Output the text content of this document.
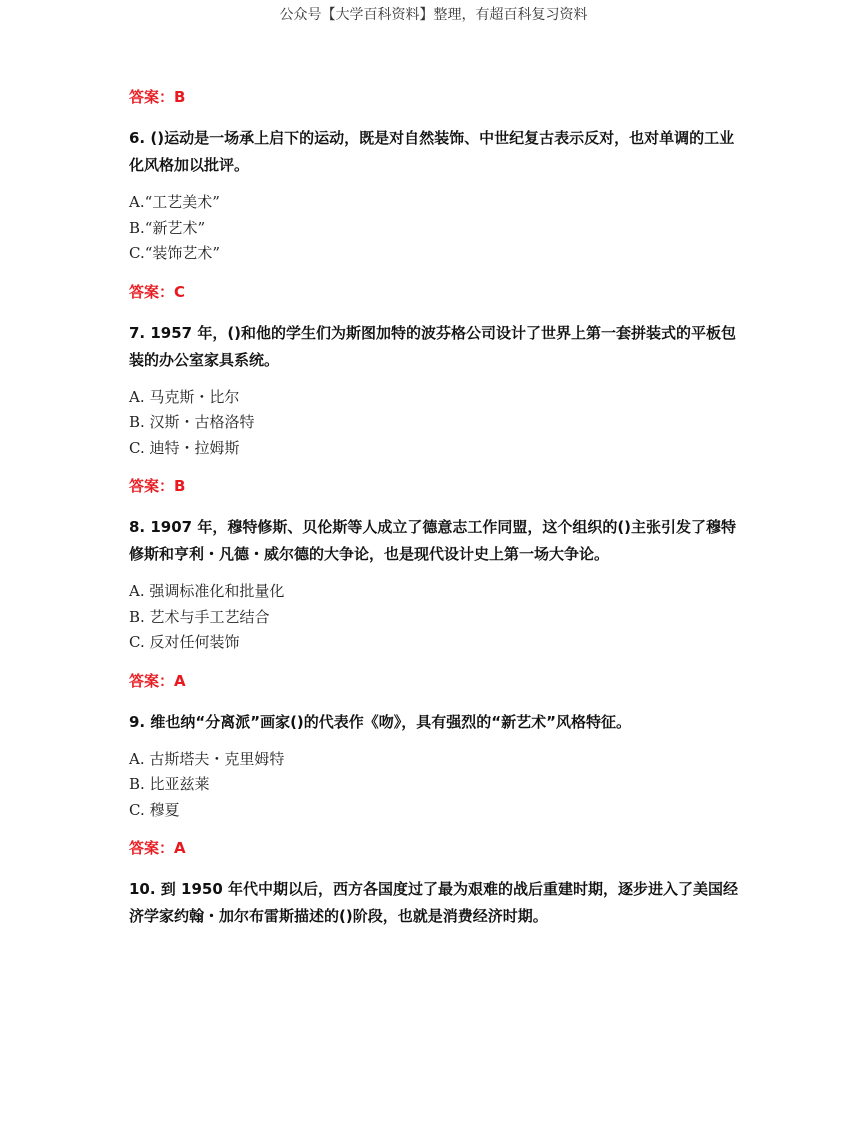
公众号【大学百科资料】整理，有超百科复习资料
答案：B
6. ()运动是一场承上启下的运动，既是对自然装饰、中世纪复古表示反对，也对单调的工业化风格加以批评。
A.“工艺美术”
B.“新艺术”
C.“装饰艺术”
答案：C
7. 1957 年，()和他的学生们为斯图加特的波芬格公司设计了世界上第一套拼装式的平板包装的办公室家具系统。
A. 马克斯・比尔
B. 汉斯・古格洛特
C. 迪特・拉姆斯
答案：B
8. 1907 年，穆特修斯、贝伦斯等人成立了德意志工作同盟，这个组织的()主张引发了穆特修斯和亨利・凡德・威尔德的大争论，也是现代设计史上第一场大争论。
A. 强调标准化和批量化
B. 艺术与手工艺结合
C. 反对任何装饰
答案：A
9. 维也纳“分离派”画家()的代表作《吻》，具有强烈的“新艺术”风格特征。
A. 古斯塔夫・克里姆特
B. 比亚兹莱
C. 穆夏
答案：A
10. 到 1950 年代中期以后，西方各国度过了最为艰难的战后重建时期，逐步进入了美国经济学家约翰・加尔布雷斯描述的()阶段，也就是消费经济时期。
